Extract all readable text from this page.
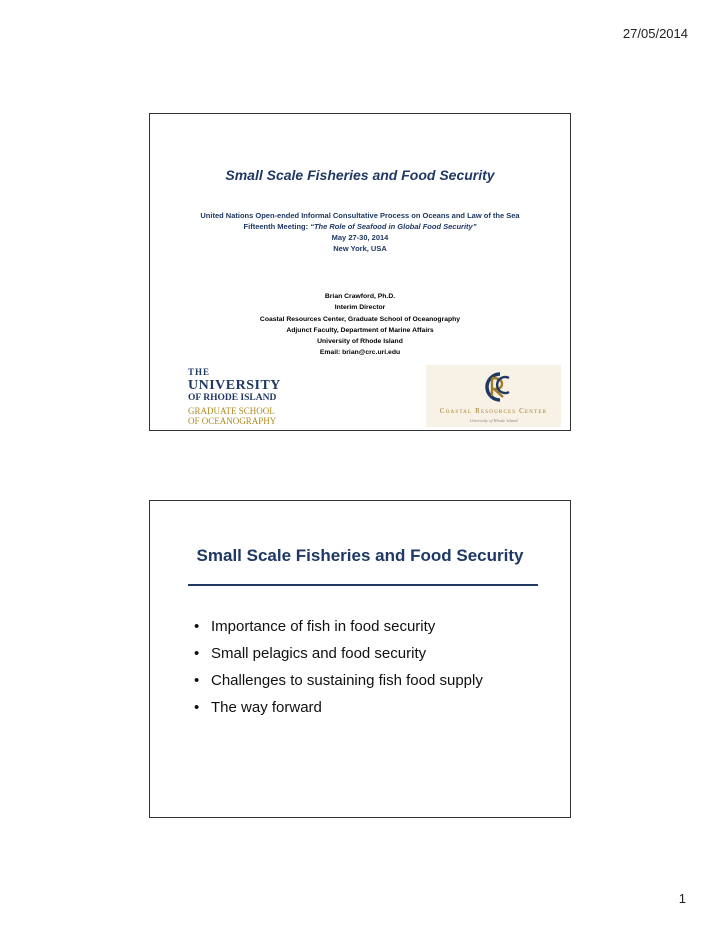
27/05/2014
Small Scale Fisheries and Food Security
United Nations Open-ended Informal Consultative Process on Oceans and Law of the Sea
Fifteenth Meeting: “The Role of Seafood in Global Food Security”
May 27-30, 2014
New York, USA
Brian Crawford, Ph.D.
Interim Director
Coastal Resources Center, Graduate School of Oceanography
Adjunct Faculty, Department of Marine Affairs
University of Rhode Island
Email: brian@crc.uri.edu
THE
UNIVERSITY
OF RHODE ISLAND
GRADUATE SCHOOL
OF OCEANOGRAPHY
Coastal Resources Center
University of Rhode Island
Small Scale Fisheries and Food Security
• Importance of fish in food security
• Small pelagics and food security
• Challenges to sustaining fish food supply
• The way forward
1
